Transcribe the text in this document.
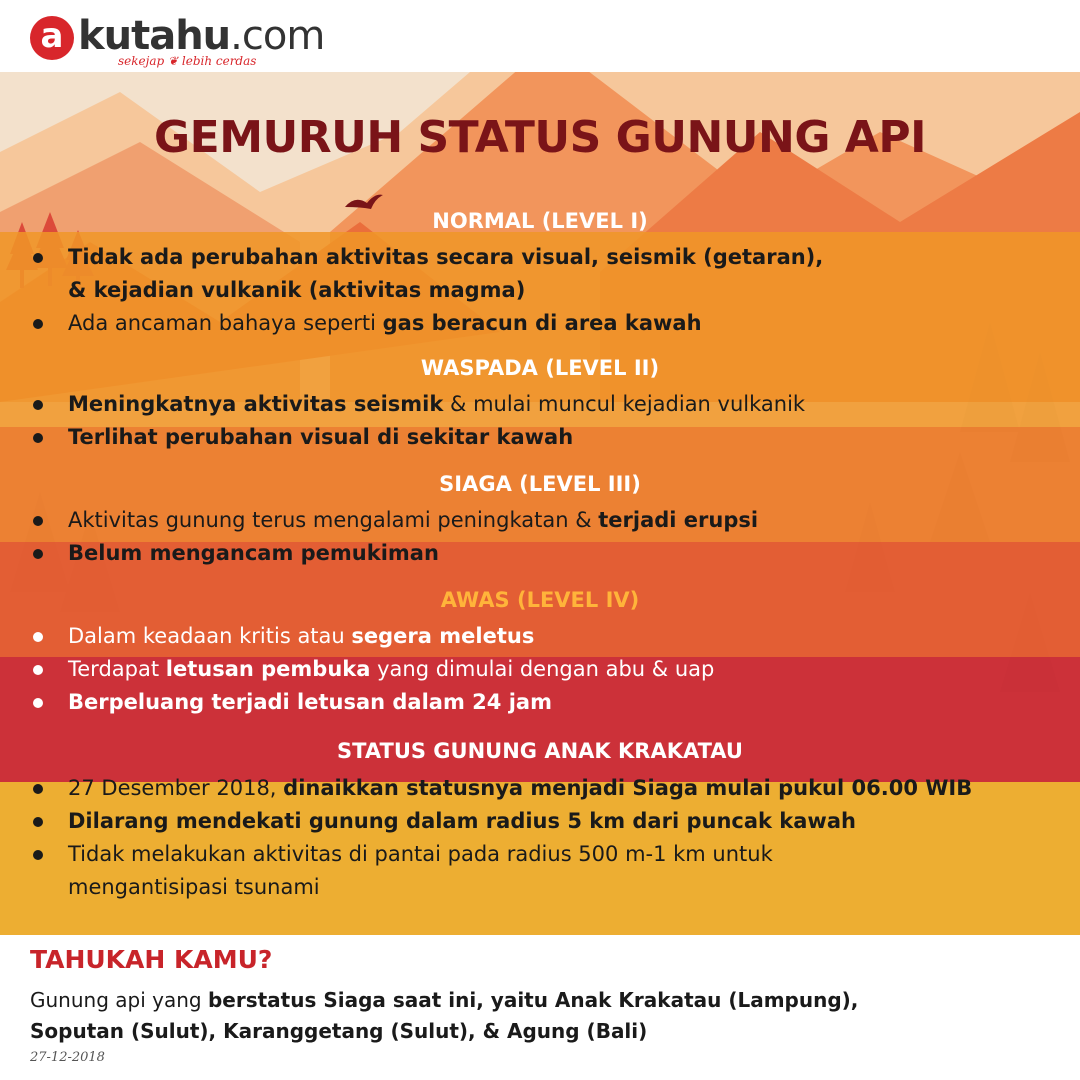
a kutahu.com
sekejap ❦ lebih cerdas
GEMURUH STATUS GUNUNG API
NORMAL (LEVEL I)
Tidak ada perubahan aktivitas secara visual, seismik (getaran),
& kejadian vulkanik (aktivitas magma)
Ada ancaman bahaya seperti gas beracun di area kawah
WASPADA (LEVEL II)
Meningkatnya aktivitas seismik & mulai muncul kejadian vulkanik
Terlihat perubahan visual di sekitar kawah
SIAGA (LEVEL III)
Aktivitas gunung terus mengalami peningkatan & terjadi erupsi
Belum mengancam pemukiman
AWAS (LEVEL IV)
Dalam keadaan kritis atau segera meletus
Terdapat letusan pembuka yang dimulai dengan abu & uap
Berpeluang terjadi letusan dalam 24 jam
STATUS GUNUNG ANAK KRAKATAU
27 Desember 2018, dinaikkan statusnya menjadi Siaga mulai pukul 06.00 WIB
Dilarang mendekati gunung dalam radius 5 km dari puncak kawah
Tidak melakukan aktivitas di pantai pada radius 500 m-1 km untuk
mengantisipasi tsunami
TAHUKAH KAMU?
Gunung api yang berstatus Siaga saat ini, yaitu Anak Krakatau (Lampung),
Soputan (Sulut), Karanggetang (Sulut), & Agung (Bali)
27-12-2018
